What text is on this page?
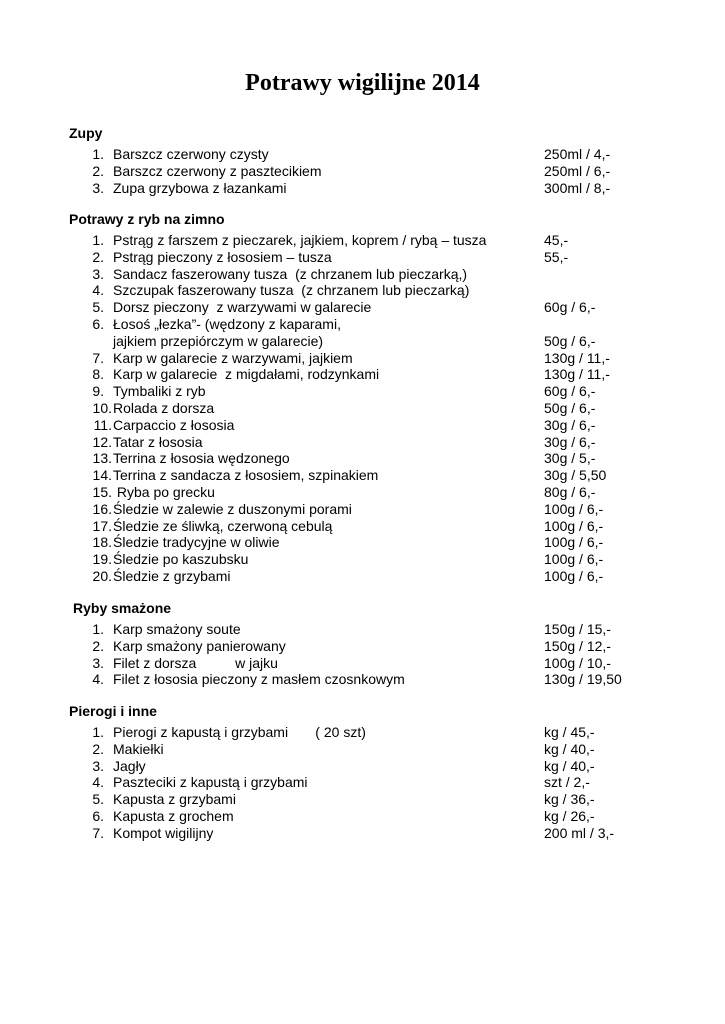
Potrawy wigilijne 2014
Zupy
1. Barszcz czerwony czysty	250ml / 4,-
2. Barszcz czerwony z pasztecikiem	250ml / 6,-
3. Zupa grzybowa z łazankami	300ml / 8,-
Potrawy z ryb na zimno
1. Pstrąg z farszem z pieczarek, jajkiem, koprem / rybą – tusza	45,-
2. Pstrąg pieczony z łososiem – tusza	55,-
3. Sandacz faszerowany tusza  (z chrzanem lub pieczarką,)
4. Szczupak faszerowany tusza  (z chrzanem lub pieczarką)
5. Dorsz pieczony  z warzywami w galarecie	60g / 6,-
6. Łosoś „łezka”- (wędzony z kaparami,
jajkiem przepiórczym w galarecie)	50g / 6,-
7. Karp w galarecie z warzywami, jajkiem	130g / 11,-
8. Karp w galarecie  z migdałami, rodzynkami	130g / 11,-
9. Tymbaliki z ryb	60g / 6,-
10. Rolada z dorsza	50g / 6,-
11. Carpaccio z łososia	30g / 6,-
12. Tatar z łososia	30g / 6,-
13. Terrina z łososia wędzonego	30g / 5,-
14. Terrina z sandacza z łososiem, szpinakiem	30g / 5,50
15. Ryba po grecku	80g / 6,-
16. Śledzie w zalewie z duszonymi porami	100g / 6,-
17. Śledzie ze śliwką, czerwoną cebulą	100g / 6,-
18. Śledzie tradycyjne w oliwie	100g / 6,-
19. Śledzie po kaszubsku	100g / 6,-
20. Śledzie z grzybami	100g / 6,-
Ryby smażone
1. Karp smażony soute	150g / 15,-
2. Karp smażony panierowany	150g / 12,-
3. Filet z dorsza          w jajku	100g / 10,-
4. Filet z łososia pieczony z masłem czosnkowym	130g / 19,50
Pierogi i inne
1. Pierogi z kapustą i grzybami       ( 20 szt)	kg / 45,-
2. Makiełki	kg / 40,-
3. Jagły	kg / 40,-
4. Paszteciki z kapustą i grzybami	szt / 2,-
5. Kapusta z grzybami	kg / 36,-
6. Kapusta z grochem	kg / 26,-
7. Kompot wigilijny	200 ml / 3,-
